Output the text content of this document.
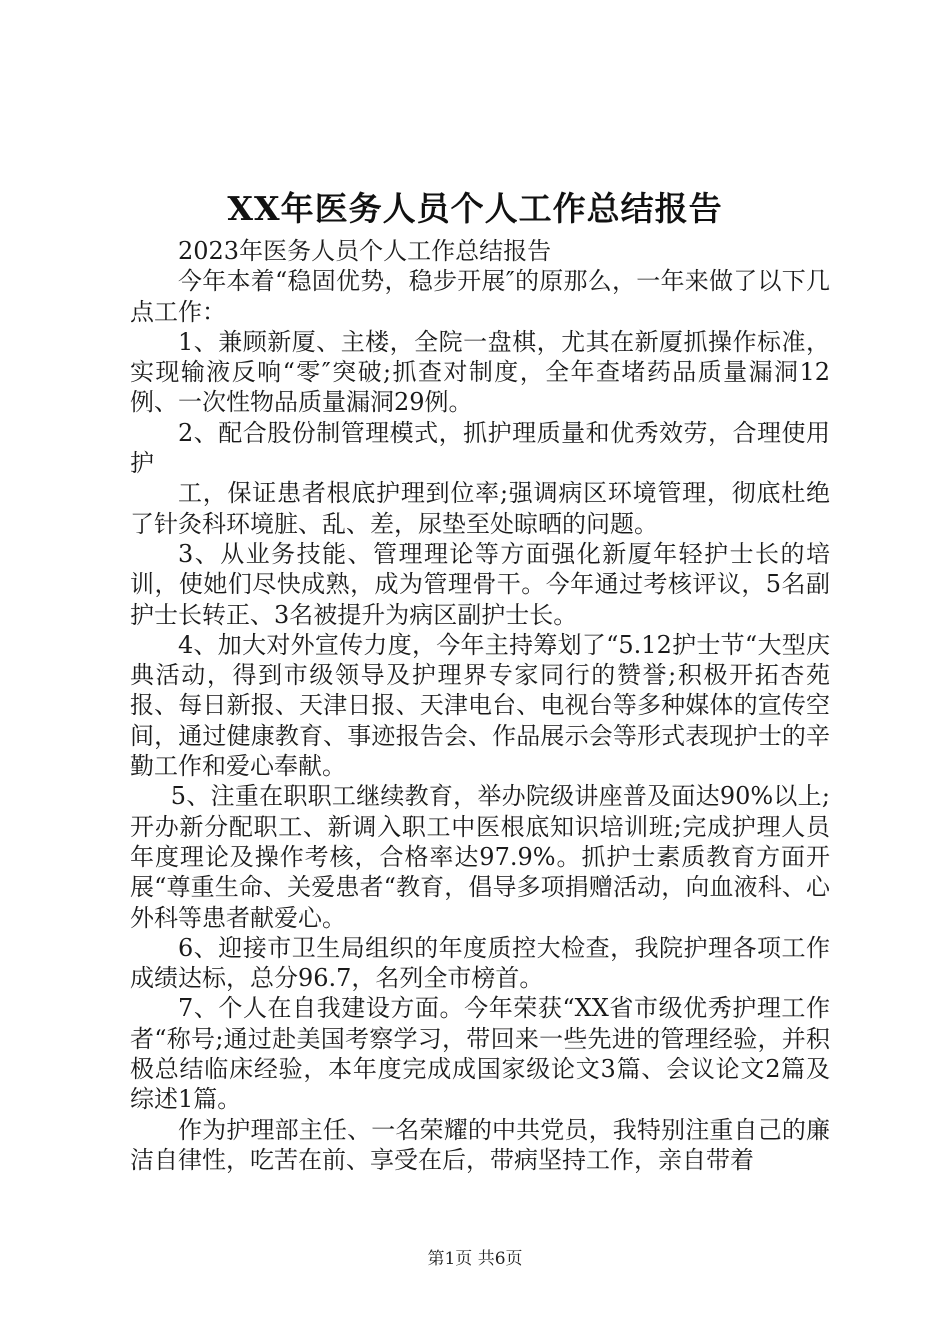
XX年医务人员个人工作总结报告

2023年医务人员个人工作总结报告

今年本着“稳固优势，稳步开展″的原那么，一年来做了以下几点工作：

1、兼顾新厦、主楼，全院一盘棋，尤其在新厦抓操作标准，实现输液反响“零″突破;抓查对制度，全年查堵药品质量漏洞12例、一次性物品质量漏洞29例。

2、配合股份制管理模式，抓护理质量和优秀效劳，合理使用护

工，保证患者根底护理到位率;强调病区环境管理，彻底杜绝了针灸科环境脏、乱、差，尿垫至处晾晒的问题。

3、从业务技能、管理理论等方面强化新厦年轻护士长的培训，使她们尽快成熟，成为管理骨干。今年通过考核评议，5名副护士长转正、3名被提升为病区副护士长。

4、加大对外宣传力度，今年主持筹划了“5.12护士节“大型庆典活动，得到市级领导及护理界专家同行的赞誉;积极开拓杏苑报、每日新报、天津日报、天津电台、电视台等多种媒体的宣传空间，通过健康教育、事迹报告会、作品展示会等形式表现护士的辛勤工作和爱心奉献。

5、注重在职职工继续教育，举办院级讲座普及面达90%以上;开办新分配职工、新调入职工中医根底知识培训班;完成护理人员年度理论及操作考核，合格率达97.9%。抓护士素质教育方面开展“尊重生命、关爱患者“教育，倡导多项捐赠活动，向血液科、心外科等患者献爱心。

6、迎接市卫生局组织的年度质控大检查，我院护理各项工作成绩达标，总分96.7，名列全市榜首。

7、个人在自我建设方面。今年荣获“XX省市级优秀护理工作者“称号;通过赴美国考察学习，带回来一些先进的管理经验，并积极总结临床经验，本年度完成成国家级论文3篇、会议论文2篇及综述1篇。

作为护理部主任、一名荣耀的中共党员，我特别注重自己的廉洁自律性，吃苦在前、享受在后，带病坚持工作，亲自带着

第1页 共6页
